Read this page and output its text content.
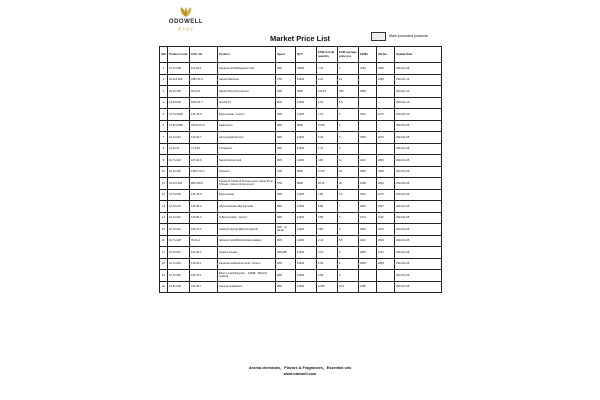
ODOWELL
奥多威尔
Market Price List	Main promoted products
S/N	Product Code	CAS. No.	Product	Specs	QTY	EXW in bulk quantity	EXW average price pcs	FEMA	UN No.	Update Date
1	10-71-038	112-05-0	Nonanoic Acid/Pelargonic acid	99%	18000	7.01	7	2784	3265	2024-01-05
2	20-214-069	3387-41-5	Natural Sabinene	75%	14400	4.01	10		1993	2024-01-10
3	20-23-005	60-12-8	Natural Phenethyl alcohol	99%	5000	120.15	180	2858	-	2024-01-10
4	10-24-032	6901-41-7	Isomint Ttt	92%	14400	5.51	5.5		-	2024-01-10
5	10-72-006D	141-78-6	Ethyl acetate（kunrui）	99%	14400	1.51	5	2414	1173	2024-01-10
6	10-52-035R	33704-61-9	Cashmeran	98%	8000	91.58	0			2024-01-05
7	10-72-013	142-92-7	Hexyl acetate(kunrui)	99%	14400	6.29	0	2565	3272	2024-01-05
8	10-20-31	71-23-8	1-Propanol	99%	14400	1.72	0			2024-01-05
9	10-71-032	107-92-6	Natural butyric acid	99%	14400	4.86	11	2221	2820	2024-01-05
10	10-12-002	13877-91-3	Ocimene	70%	8000	57.29	60	3539	2319	2024-01-05
11	20-070-001	8007-80-5	Cassia oil China oil Cinnamomum cassia Presl Chinese ; oleum cinnamomum	75%	8000	20.15	20	2258	2610	2024-01-05
12	10-72-006	141-78-6	Ethyl acetate	99%	14400	1.80	1.8	2414	1173	2024-01-05
13	10-72-070	123-68-2	Allyl hexanoate;Allyl caproate	98%	14400	8.86	7	2032	2527	2024-01-05
14	10-72-010	123-86-4	N-Butyl acetate（kunrui）	99%	14400	2.86	4	2174	1123	2024-01-05
15	10-72-042	106-27-4	Isoamyl butyrate;REACH optional	99%（2-8/11k）	14400	3.86	3	2060	3272	2024-01-05
16	10-71-028	79-31-2	Isobutyric acid;REACH(intermediate )	99%	14400	2.44	5.5	2222	2529	2024-01-05
17	10-72-012	123-92-2	Isoamyl acetate	99%(2B)	14400	3.15	5	2055	1104	2024-01-05
18	10-71-019	142-62-1	Hexanoic acid/caproic acid（kunrui）	99%	14400	6.59	6	2559	2829	2024-01-05
19	10-72-060	102-79-1	Ethyl 2-methylbutyrate ；E2MB；REACH optional	98%	14400	6.58	9			2024-01-05
20	10-81-002	104-50-7	Gamma-octalactone	98%	14400	10.86	10.5	2796		2024-01-05
Aroma chemicals，Flavors & Fragrances，Essential oils
www.odowell.com
